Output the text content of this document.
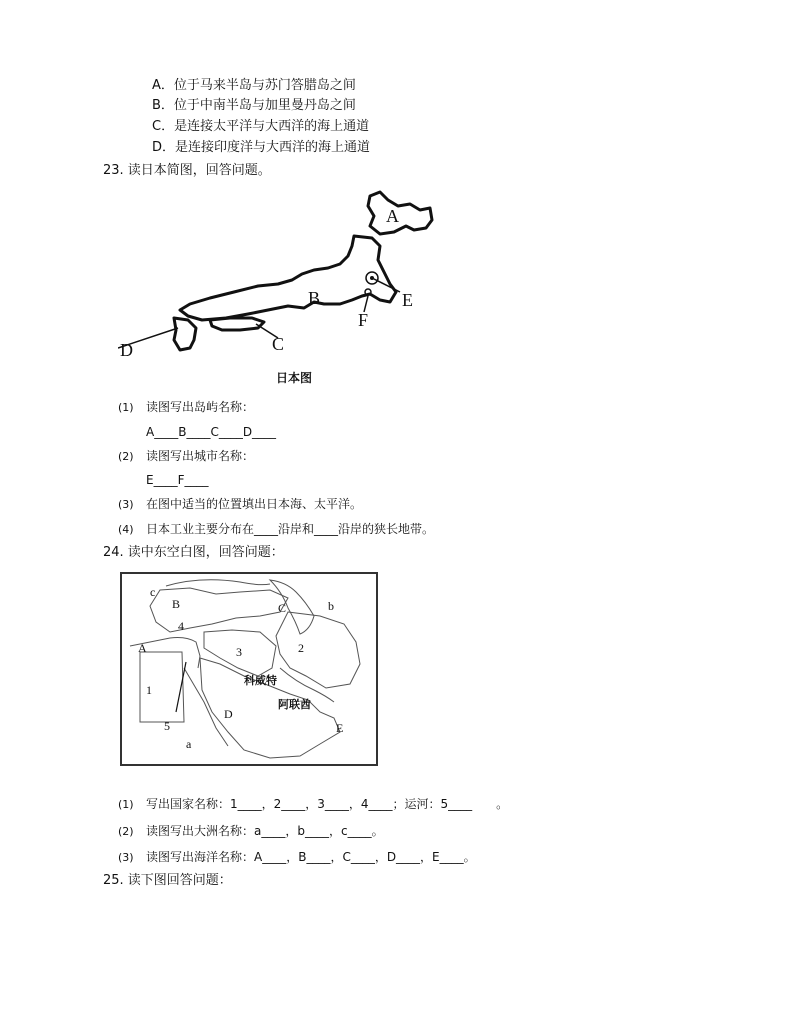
A．位于马来半岛与苏门答腊岛之间
B．位于中南半岛与加里曼丹岛之间
C．是连接太平洋与大西洋的海上通道
D．是连接印度洋与大西洋的海上通道
23. 读日本简图，回答问题。
A
B
C
D
E
F
日本图
(1) 读图写出岛屿名称：
A____B____C____D____
(2) 读图写出城市名称：
E____F____
(3) 在图中适当的位置填出日本海、太平洋。
(4) 日本工业主要分布在____沿岸和____沿岸的狭长地带。
24. 读中东空白图，回答问题：
c
B	C	b
4
A	3	2
1
5
D
a
E
科威特
阿联酋
(1) 写出国家名称：1____，2____，3____，4____；运河：5____　　。
(2) 读图写出大洲名称：a____，b____，c____。
(3) 读图写出海洋名称：A____，B____，C____，D____，E____。
25. 读下图回答问题：
